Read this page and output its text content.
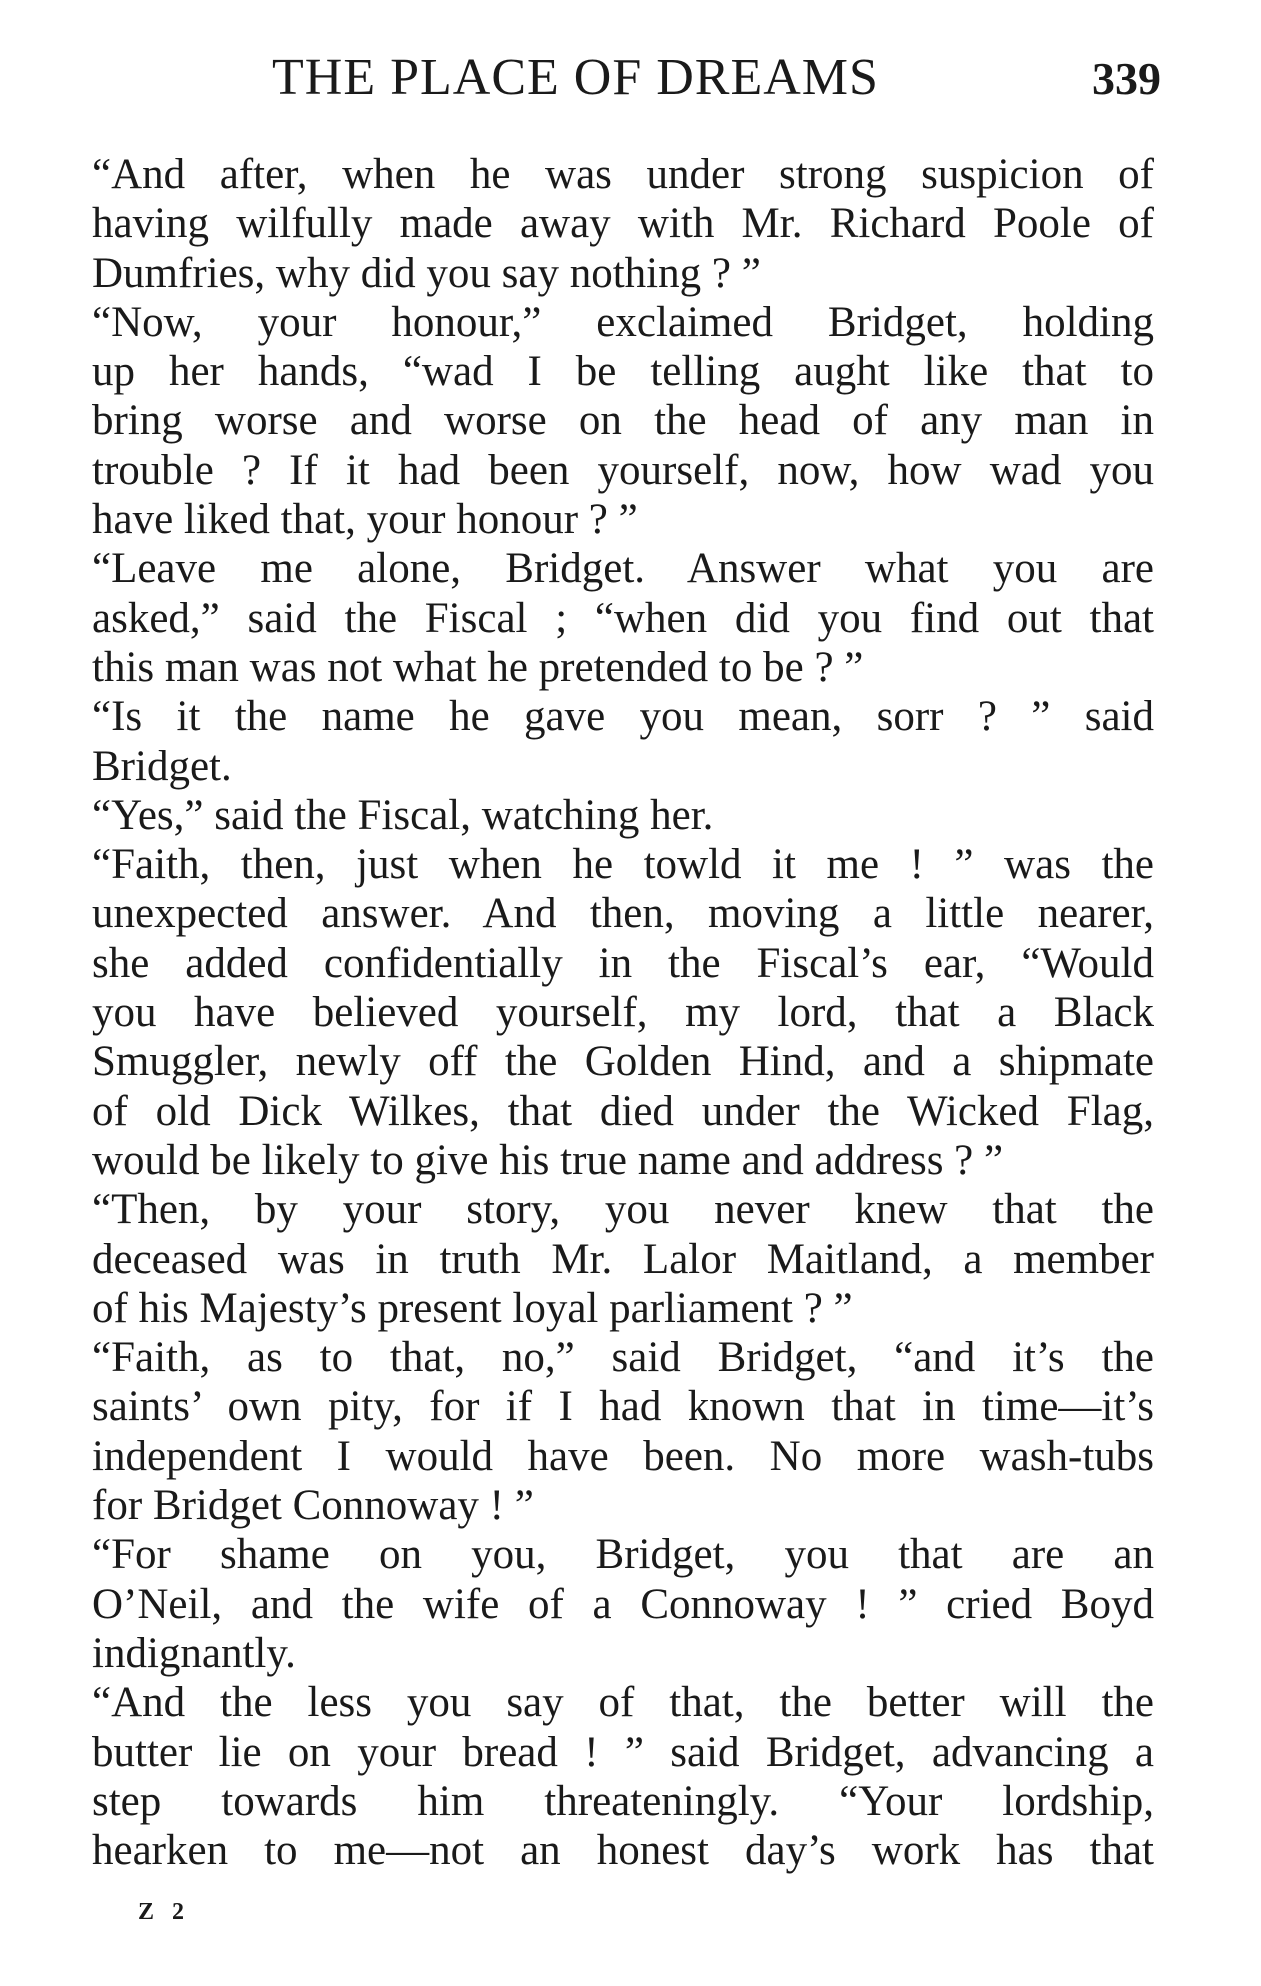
THE PLACE OF DREAMS	339
“And after, when he was under strong suspicion of
having wilfully made away with Mr. Richard Poole of
Dumfries, why did you say nothing ? ”
“Now, your honour,” exclaimed Bridget, holding
up her hands, “wad I be telling aught like that to
bring worse and worse on the head of any man in
trouble ? If it had been yourself, now, how wad you
have liked that, your honour ? ”
“Leave me alone, Bridget. Answer what you are
asked,” said the Fiscal ; “when did you find out that
this man was not what he pretended to be ? ”
“Is it the name he gave you mean, sorr ? ” said
Bridget.
“Yes,” said the Fiscal, watching her.
“Faith, then, just when he towld it me ! ” was the
unexpected answer. And then, moving a little nearer,
she added confidentially in the Fiscal’s ear, “Would
you have believed yourself, my lord, that a Black
Smuggler, newly off the Golden Hind, and a shipmate
of old Dick Wilkes, that died under the Wicked Flag,
would be likely to give his true name and address ? ”
“Then, by your story, you never knew that the
deceased was in truth Mr. Lalor Maitland, a member
of his Majesty’s present loyal parliament ? ”
“Faith, as to that, no,” said Bridget, “and it’s the
saints’ own pity, for if I had known that in time—it’s
independent I would have been. No more wash-tubs
for Bridget Connoway ! ”
“For shame on you, Bridget, you that are an
O’Neil, and the wife of a Connoway ! ” cried Boyd
indignantly.
“And the less you say of that, the better will the
butter lie on your bread ! ” said Bridget, advancing a
step towards him threateningly. “Your lordship,
hearken to me—not an honest day’s work has that
Z 2
